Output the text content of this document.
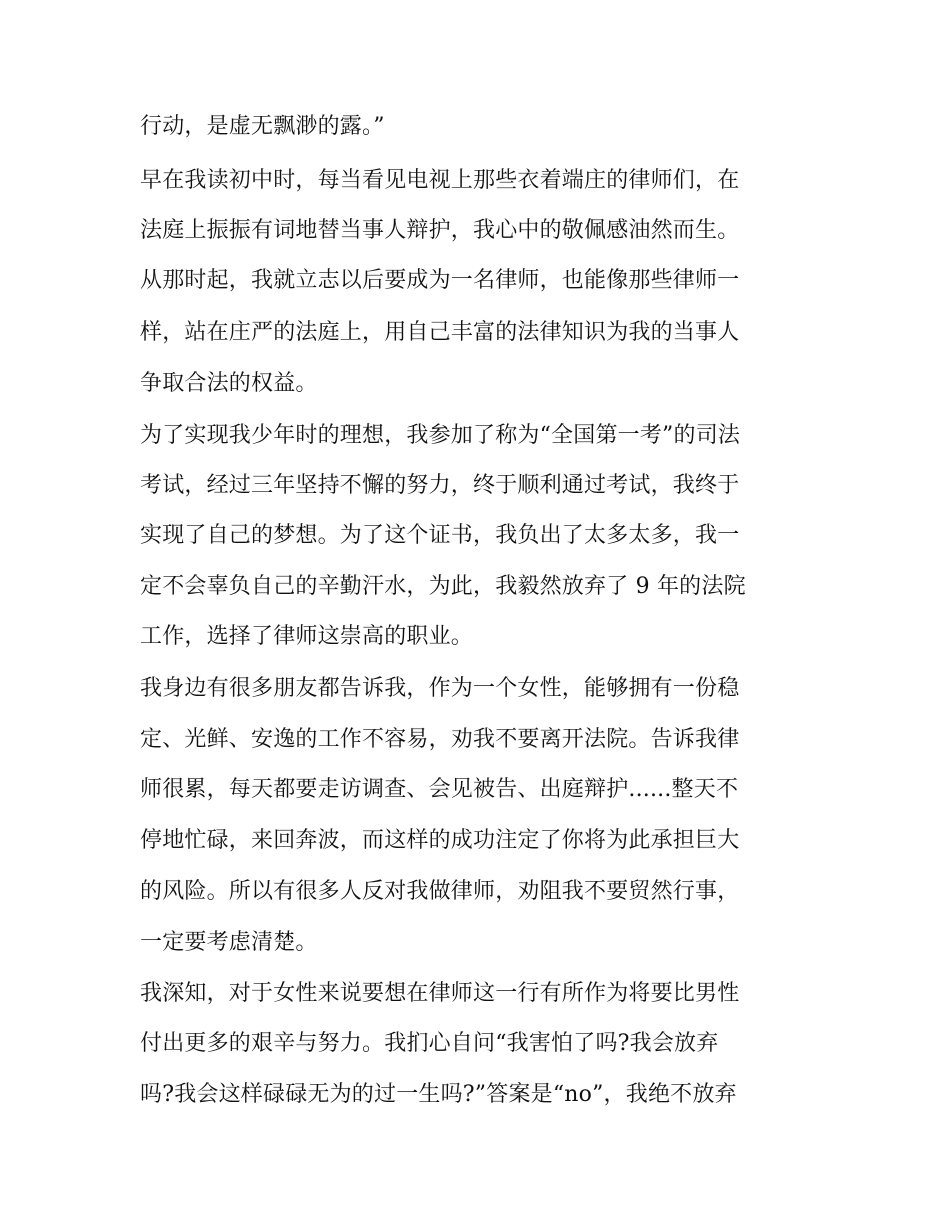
行动，是虚无飘渺的露。”
早在我读初中时，每当看见电视上那些衣着端庄的律师们，在
法庭上振振有词地替当事人辩护，我心中的敬佩感油然而生。
从那时起，我就立志以后要成为一名律师，也能像那些律师一
样，站在庄严的法庭上，用自己丰富的法律知识为我的当事人
争取合法的权益。
为了实现我少年时的理想，我参加了称为“全国第一考”的司法
考试，经过三年坚持不懈的努力，终于顺利通过考试，我终于
实现了自己的梦想。为了这个证书，我负出了太多太多，我一
定不会辜负自己的辛勤汗水，为此，我毅然放弃了 9 年的法院
工作，选择了律师这崇高的职业。
我身边有很多朋友都告诉我，作为一个女性，能够拥有一份稳
定、光鲜、安逸的工作不容易，劝我不要离开法院。告诉我律
师很累，每天都要走访调查、会见被告、出庭辩护......整天不
停地忙碌，来回奔波，而这样的成功注定了你将为此承担巨大
的风险。所以有很多人反对我做律师，劝阻我不要贸然行事，
一定要考虑清楚。
我深知，对于女性来说要想在律师这一行有所作为将要比男性
付出更多的艰辛与努力。我扪心自问“我害怕了吗?我会放弃
吗?我会这样碌碌无为的过一生吗?”答案是“no”，我绝不放弃
